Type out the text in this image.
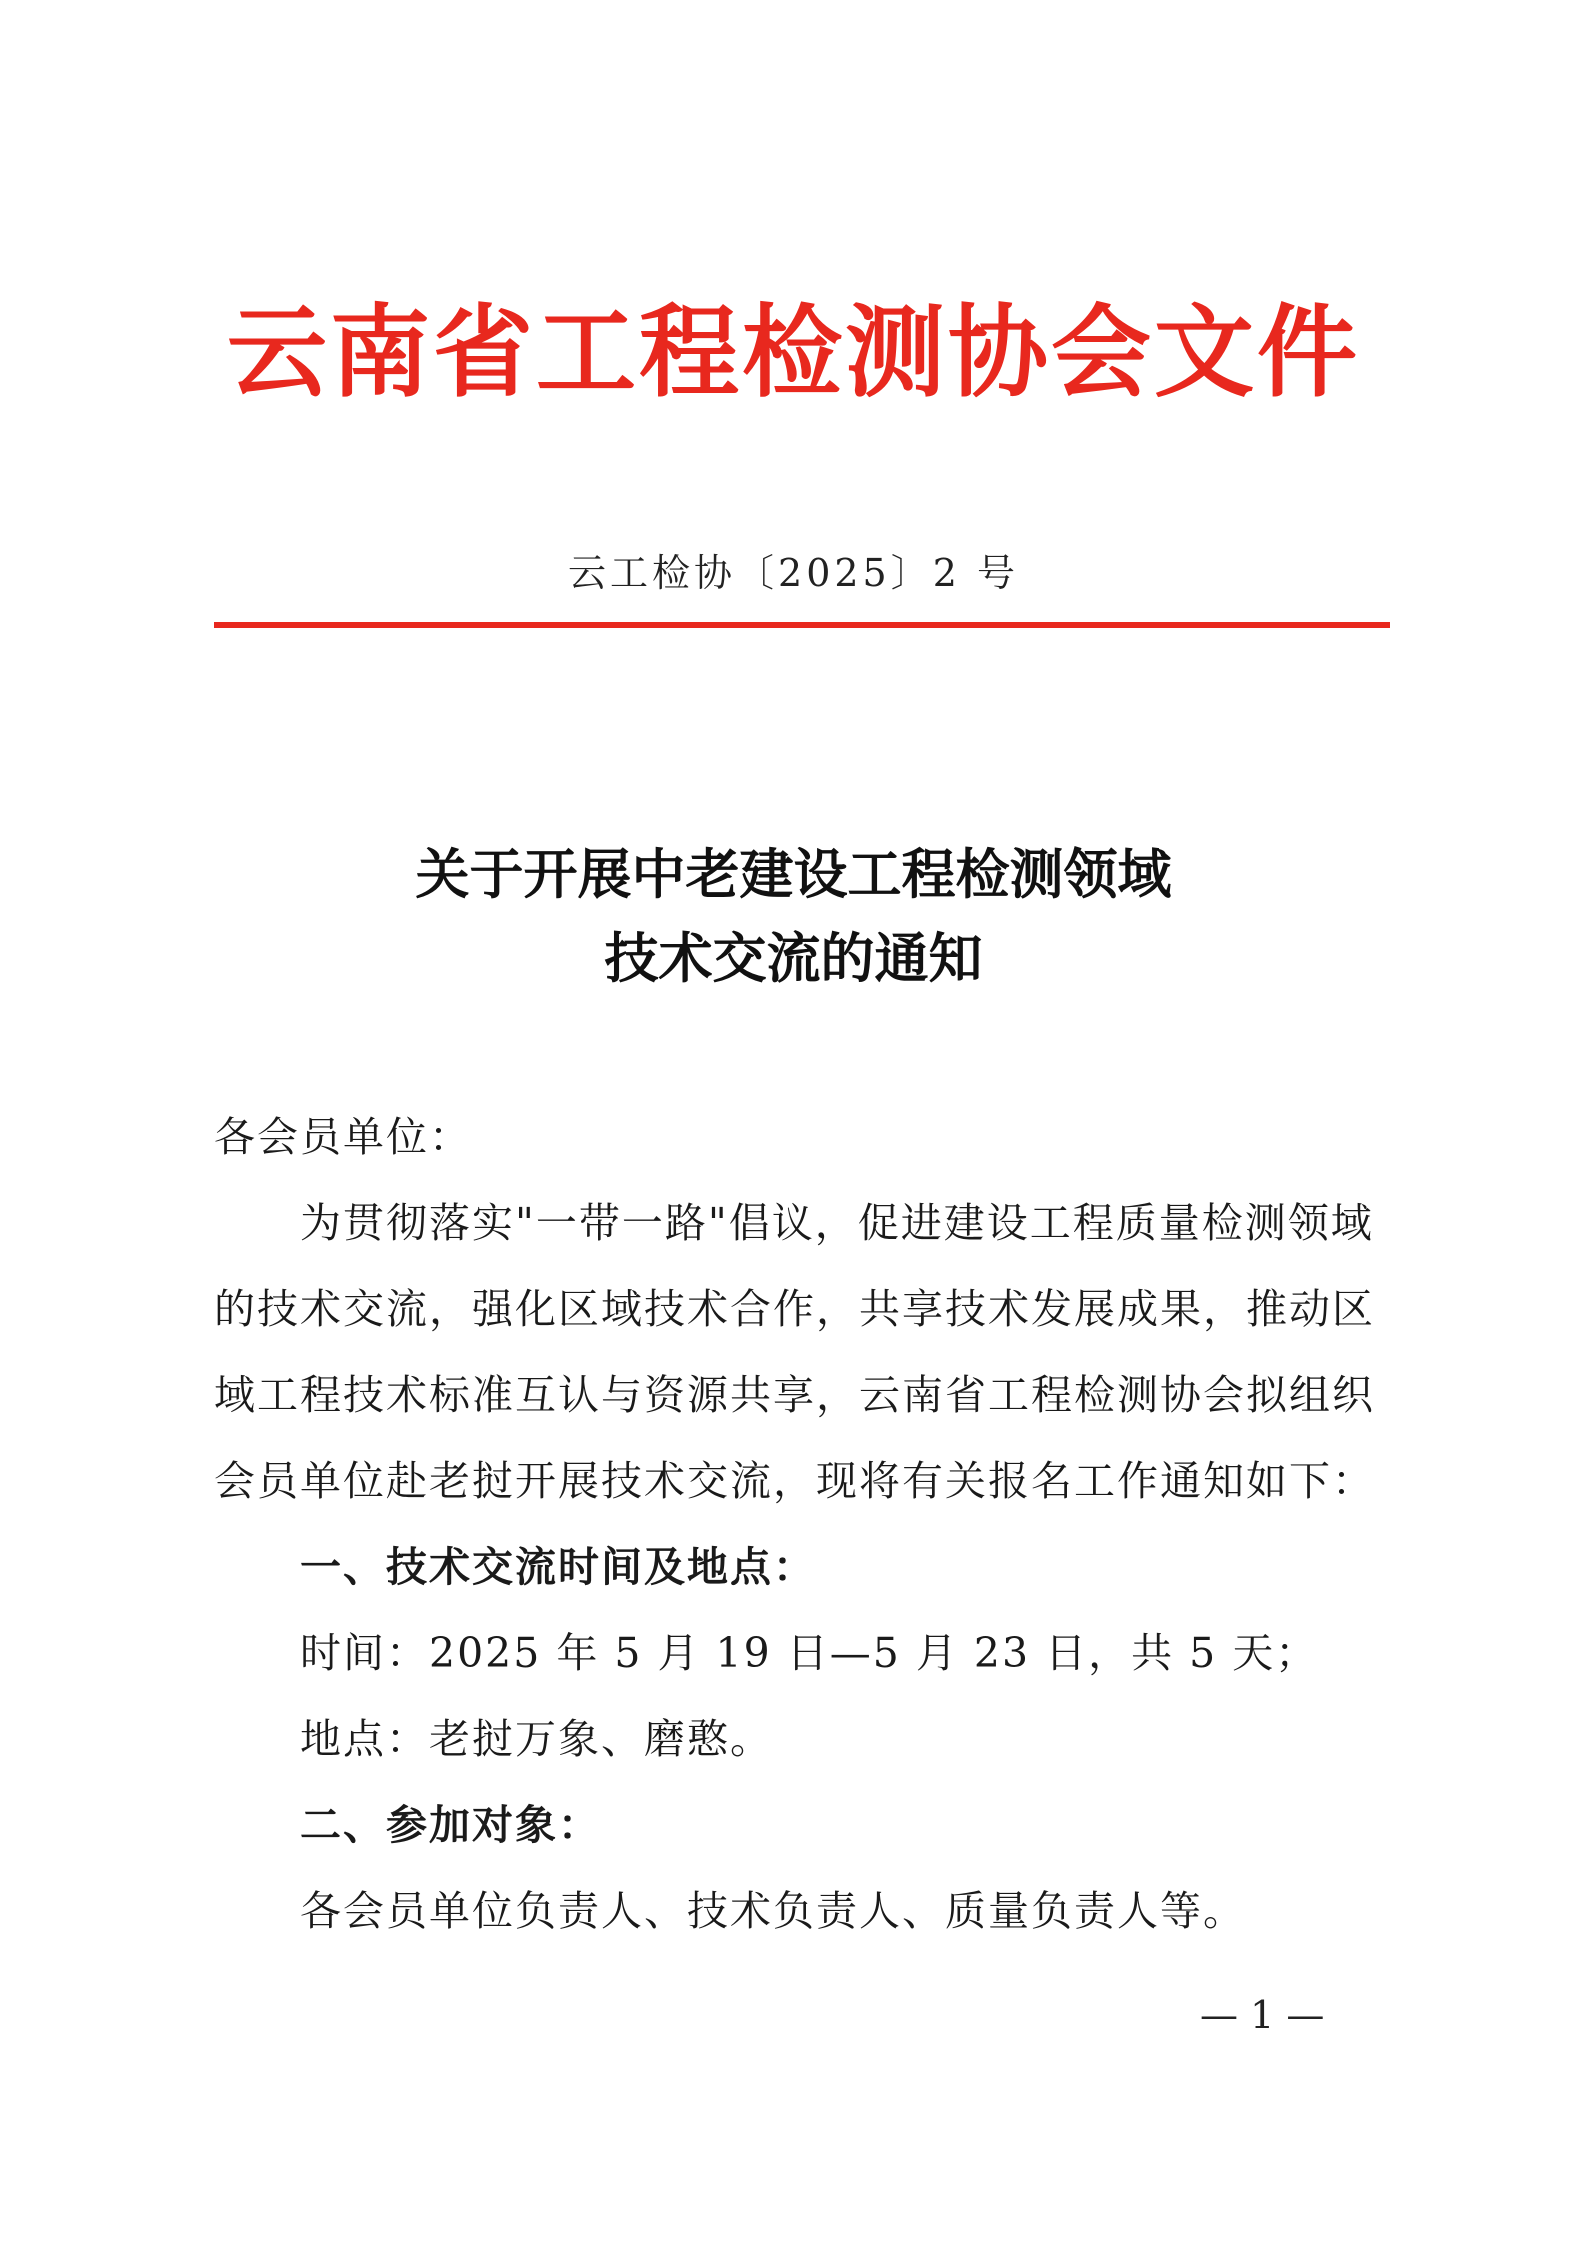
云南省工程检测协会文件
云工检协〔2025〕2 号
关于开展中老建设工程检测领域
技术交流的通知

各会员单位：

为贯彻落实"一带一路"倡议，促进建设工程质量检测领域

的技术交流，强化区域技术合作，共享技术发展成果，推动区

域工程技术标准互认与资源共享，云南省工程检测协会拟组织

会员单位赴老挝开展技术交流，现将有关报名工作通知如下：

一、技术交流时间及地点：

时间：2025 年 5 月 19 日—5 月 23 日，共 5 天；

地点：老挝万象、磨憨。

二、参加对象：

各会员单位负责人、技术负责人、质量负责人等。

— 1 —
